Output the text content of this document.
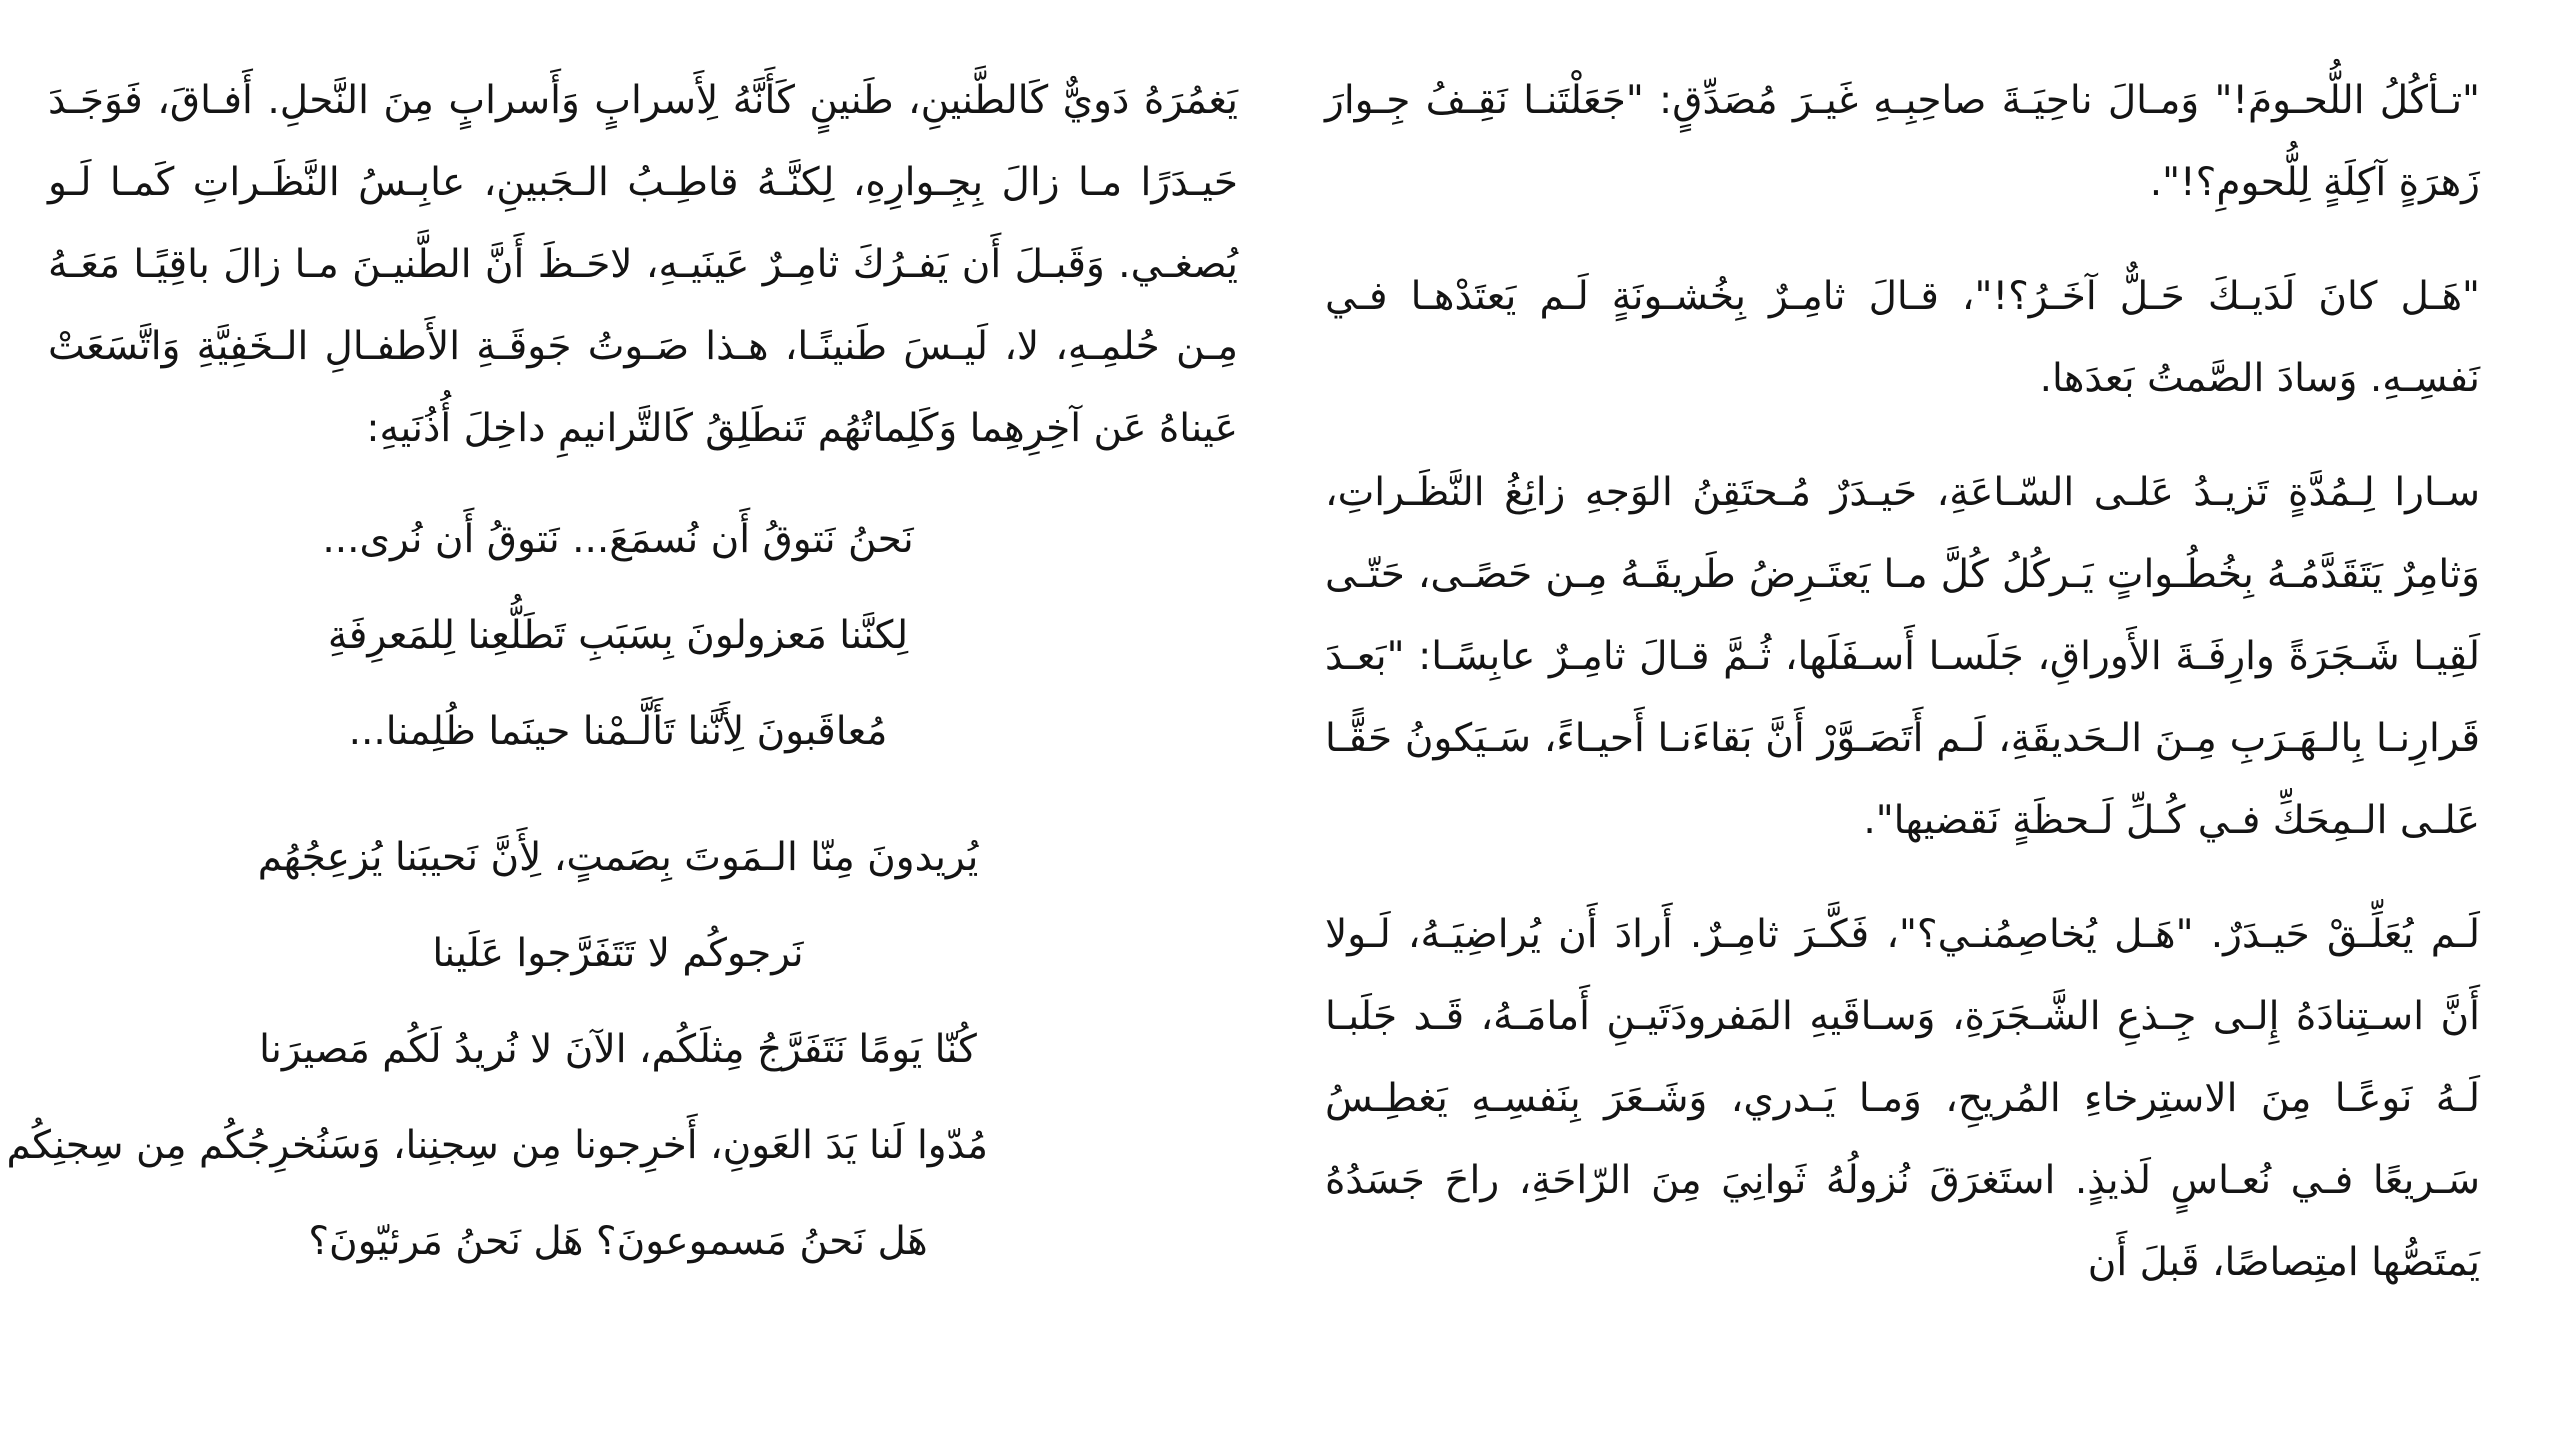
"تـأكُلُ اللُّحـومَ!" وَمـالَ ناحِيَـةَ صاحِبِـهِ غَيـرَ مُصَدِّقٍ: "جَعَلْتَنـا نَقِـفُ جِـوارَ زَهرَةٍ آكِلَةٍ لِلُّحومِ؟!".

"هَـل كانَ لَدَيـكَ حَـلٌّ آخَـرُ؟!"، قـالَ ثامِـرٌ بِخُشـونَةٍ لَـم يَعتَدْهـا فـي نَفسِـهِ. وَسادَ الصَّمتُ بَعدَها.

سـارا لِـمُدَّةٍ تَزيـدُ عَلـى السّـاعَةِ، حَيـدَرٌ مُـحتَقِنُ الوَجهِ زائِغُ النَّظَـراتِ، وَثامِرٌ يَتَقَدَّمُـهُ بِخُطُـواتٍ يَـركُلُ كُلَّ مـا يَعتَـرِضُ طَريقَـهُ مِـن حَصًـى، حَتّـى لَقِيـا شَـجَرَةً وارِفَـةَ الأَوراقِ، جَلَسـا أَسـفَلَها، ثُـمَّ قـالَ ثامِـرٌ عابِسًـا: "بَعـدَ قَرارِنـا بِالـهَـرَبِ مِـنَ الـحَديقَةِ، لَـم أَتَصَـوَّرْ أَنَّ بَقاءَنـا أَحيـاءً، سَـيَكونُ حَقًّـا عَلـى الـمِحَكِّ فـي كُـلِّ لَـحظَةٍ نَقضيها".

لَـم يُعَلِّـقْ حَيـدَرٌ. "هَـل يُخاصِمُنـي؟"، فَكَّـرَ ثامِـرٌ. أَرادَ أَن يُراضِيَـهُ، لَـولا أَنَّ اسـتِنادَهُ إِلـى جِـذعِ الشَّـجَرَةِ، وَسـاقَيهِ المَفرودَتَيـنِ أَمامَـهُ، قَـد جَلَبـا لَـهُ نَوعًـا مِنَ الاستِرخاءِ المُريحِ، وَمـا يَـدري، وَشَـعَرَ بِنَفسِـهِ يَغطِـسُ سَـريعًا فـي نُعـاسٍ لَذيذٍ. استَغرَقَ نُزولُهُ ثَوانِيَ مِنَ الرّاحَةِ، راحَ جَسَدُهُ يَمتَصُّها امتِصاصًا، قَبلَ أَن

يَغمُرَهُ دَويٌّ كَالطَّنينِ، طَنينٍ كَأَنَّهُ لِأَسرابٍ وَأَسرابٍ مِنَ النَّحلِ. أَفـاقَ، فَوَجَـدَ حَيـدَرًا مـا زالَ بِجِـوارِهِ، لِكنَّـهُ قاطِـبُ الـجَبينِ، عابِـسُ النَّظَـراتِ كَمـا لَـو يُصغـي. وَقَبـلَ أَن يَفـرُكَ ثامِـرٌ عَينَيـهِ، لاحَـظَ أَنَّ الطَّنيـنَ مـا زالَ باقِيًـا مَعَـهُ مِـن حُلمِـهِ، لا، لَيـسَ طَنينًـا، هـذا صَـوتُ جَوقَـةِ الأَطفـالِ الـخَفِيَّةِ وَاتَّسَعَتْ عَيناهُ عَن آخِرِهِما وَكَلِماتُهُم تَنطَلِقُ كَالتَّرانيمِ داخِلَ أُذُنَيهِ:

نَحنُ نَتوقُ أَن نُسمَعَ... نَتوقُ أَن نُرى...
لِكنَّنا مَعزولونَ بِسَبَبِ تَطَلُّعِنا لِلمَعرِفَةِ
مُعاقَبونَ لِأَنَّنا تَأَلَّـمْنا حينَما ظُلِمنا...
يُريدونَ مِنّا الـمَوتَ بِصَمتٍ، لِأَنَّ نَحيبَنا يُزعِجُهُم
نَرجوكُم لا تَتَفَرَّجوا عَلَينا
كُنّا يَومًا نَتَفَرَّجُ مِثلَكُم، الآنَ لا نُريدُ لَكُم مَصيرَنا
مُدّوا لَنا يَدَ العَونِ، أَخرِجونا مِن سِجنِنا، وَسَنُخرِجُكُم مِن سِجنِكُم
هَل نَحنُ مَسموعونَ؟ هَل نَحنُ مَرئيّونَ؟
